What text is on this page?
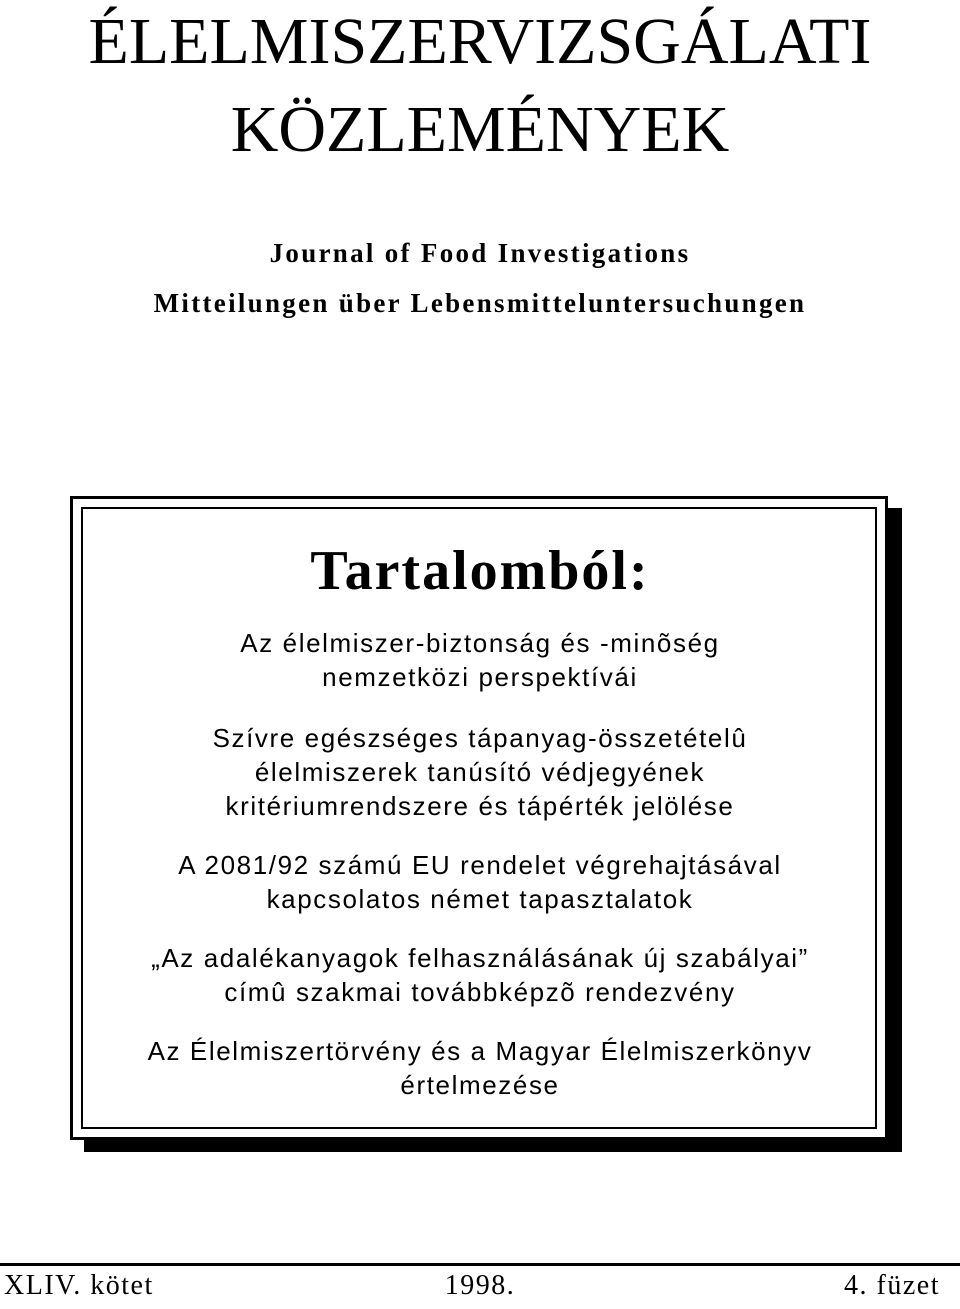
ÉLELMISZERVIZSGÁLATI
KÖZLEMÉNYEK
Journal of Food Investigations
Mitteilungen über Lebensmitteluntersuchungen
Tartalomból:
Az élelmiszer-biztonság és -minõség
nemzetközi perspektívái
Szívre egészséges tápanyag-összetételû
élelmiszerek tanúsító védjegyének
kritériumrendszere és tápérték jelölése
A 2081/92 számú EU rendelet végrehajtásával
kapcsolatos német tapasztalatok
„Az adalékanyagok felhasználásának új szabályai”
címû szakmai továbbképzõ rendezvény
Az Élelmiszertörvény és a Magyar Élelmiszerkönyv
értelmezése
XLIV. kötet	1998.	4. füzet
